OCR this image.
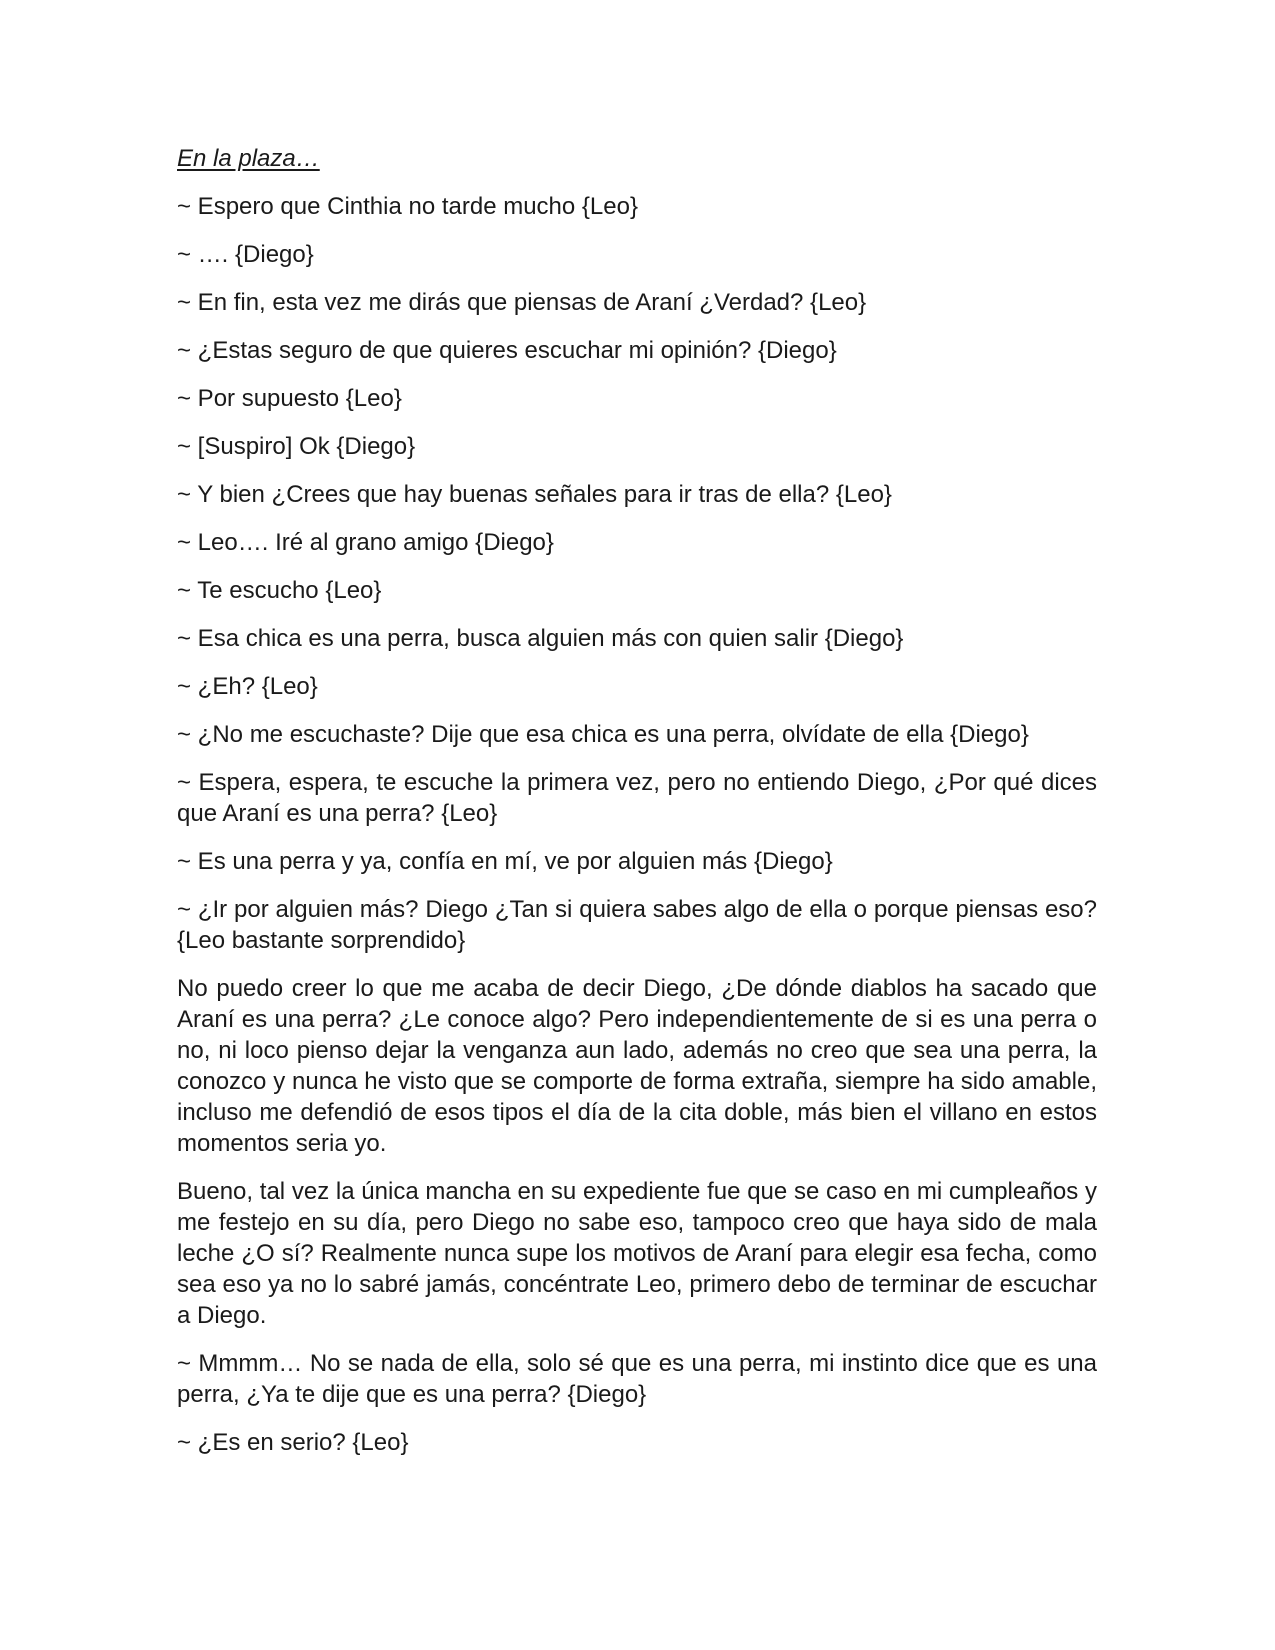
En la plaza…

~ Espero que Cinthia no tarde mucho {Leo}

~ …. {Diego}

~ En fin, esta vez me dirás que piensas de Araní ¿Verdad? {Leo}

~ ¿Estas seguro de que quieres escuchar mi opinión? {Diego}

~ Por supuesto {Leo}

~ [Suspiro] Ok {Diego}

~ Y bien ¿Crees que hay buenas señales para ir tras de ella? {Leo}

~ Leo…. Iré al grano amigo {Diego}

~ Te escucho {Leo}

~ Esa chica es una perra, busca alguien más con quien salir {Diego}

~ ¿Eh? {Leo}

~ ¿No me escuchaste? Dije que esa chica es una perra, olvídate de ella {Diego}

~ Espera, espera, te escuche la primera vez, pero no entiendo Diego, ¿Por qué dices que Araní es una perra? {Leo}

~ Es una perra y ya, confía en mí, ve por alguien más {Diego}

~ ¿Ir por alguien más? Diego ¿Tan si quiera sabes algo de ella o porque piensas eso? {Leo bastante sorprendido}

No puedo creer lo que me acaba de decir Diego, ¿De dónde diablos ha sacado que Araní es una perra? ¿Le conoce algo? Pero independientemente de si es una perra o no, ni loco pienso dejar la venganza aun lado, además no creo que sea una perra, la conozco y nunca he visto que se comporte de forma extraña, siempre ha sido amable, incluso me defendió de esos tipos el día de la cita doble, más bien el villano en estos momentos seria yo.

Bueno, tal vez la única mancha en su expediente fue que se caso en mi cumpleaños y me festejo en su día, pero Diego no sabe eso, tampoco creo que haya sido de mala leche ¿O sí? Realmente nunca supe los motivos de Araní para elegir esa fecha, como sea eso ya no lo sabré jamás, concéntrate Leo, primero debo de terminar de escuchar a Diego.

~ Mmmm… No se nada de ella, solo sé que es una perra, mi instinto dice que es una perra, ¿Ya te dije que es una perra? {Diego}

~ ¿Es en serio? {Leo}
